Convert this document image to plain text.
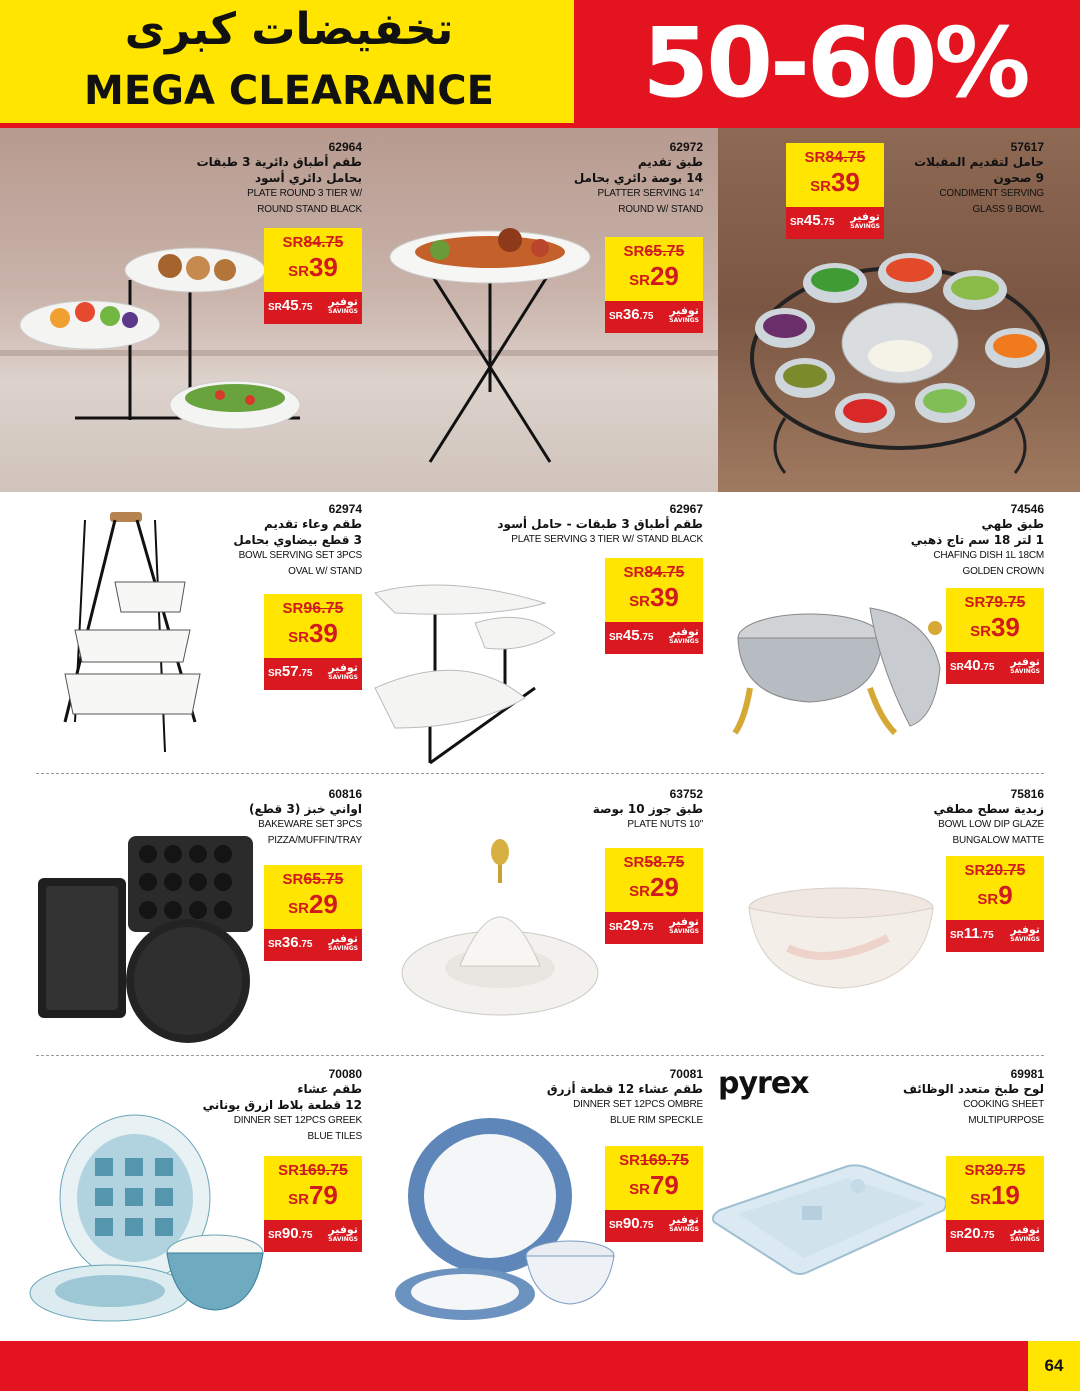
تخفيضات كبرى
MEGA CLEARANCE	50-60%
62964
طقم أطباق دائرية 3 طبقات
بحامل دائري أسود
PLATE ROUND 3 TIER W/
ROUND STAND BLACK
62972
طبق تقديم
14 بوصة دائري بحامل
PLATTER SERVING 14"
ROUND W/ STAND
57617
حامل لتقديم المقبلات
9 صحون
CONDIMENT SERVING
GLASS 9 BOWL
62974
طقم وعاء تقديم
3 قطع بيضاوي بحامل
BOWL SERVING SET 3PCS
OVAL W/ STAND
62967
طقم أطباق 3 طبقات - حامل أسود
PLATE SERVING 3 TIER W/ STAND BLACK
74546
طبق طهي
1 لتر 18 سم تاج ذهبي
CHAFING DISH 1L 18CM
GOLDEN CROWN
60816
اواني خبز (3 قطع)
BAKEWARE SET 3PCS
PIZZA/MUFFIN/TRAY
63752
طبق جوز 10 بوصة
PLATE NUTS 10"
75816
زبدية سطح مطفي
BOWL LOW DIP GLAZE
BUNGALOW MATTE
70080
طقم عشاء
12 قطعة بلاط ازرق يوناني
DINNER SET 12PCS GREEK
BLUE TILES
70081
طقم عشاء 12 قطعة أزرق
DINNER SET 12PCS OMBRE
BLUE RIM SPECKLE
69981
لوح طبخ متعدد الوظائف
COOKING SHEET
MULTIPURPOSE
SR84.75
SR39
SR45.75 توفير
SAVINGS
SR65.75
SR29
SR36.75 توفير
SAVINGS
SR84.75
SR39
SR45.75 توفير
SAVINGS
SR96.75
SR39
SR57.75 توفير
SAVINGS
SR84.75
SR39
SR45.75 توفير
SAVINGS
SR79.75
SR39
SR40.75 توفير
SAVINGS
SR65.75
SR29
SR36.75 توفير
SAVINGS
SR58.75
SR29
SR29.75 توفير
SAVINGS
SR20.75
SR9
SR11.75 توفير
SAVINGS
SR169.75
SR79
SR90.75 توفير
SAVINGS
SR169.75
SR79
SR90.75 توفير
SAVINGS
SR39.75
SR19
SR20.75 توفير
SAVINGS
pyrex
64
